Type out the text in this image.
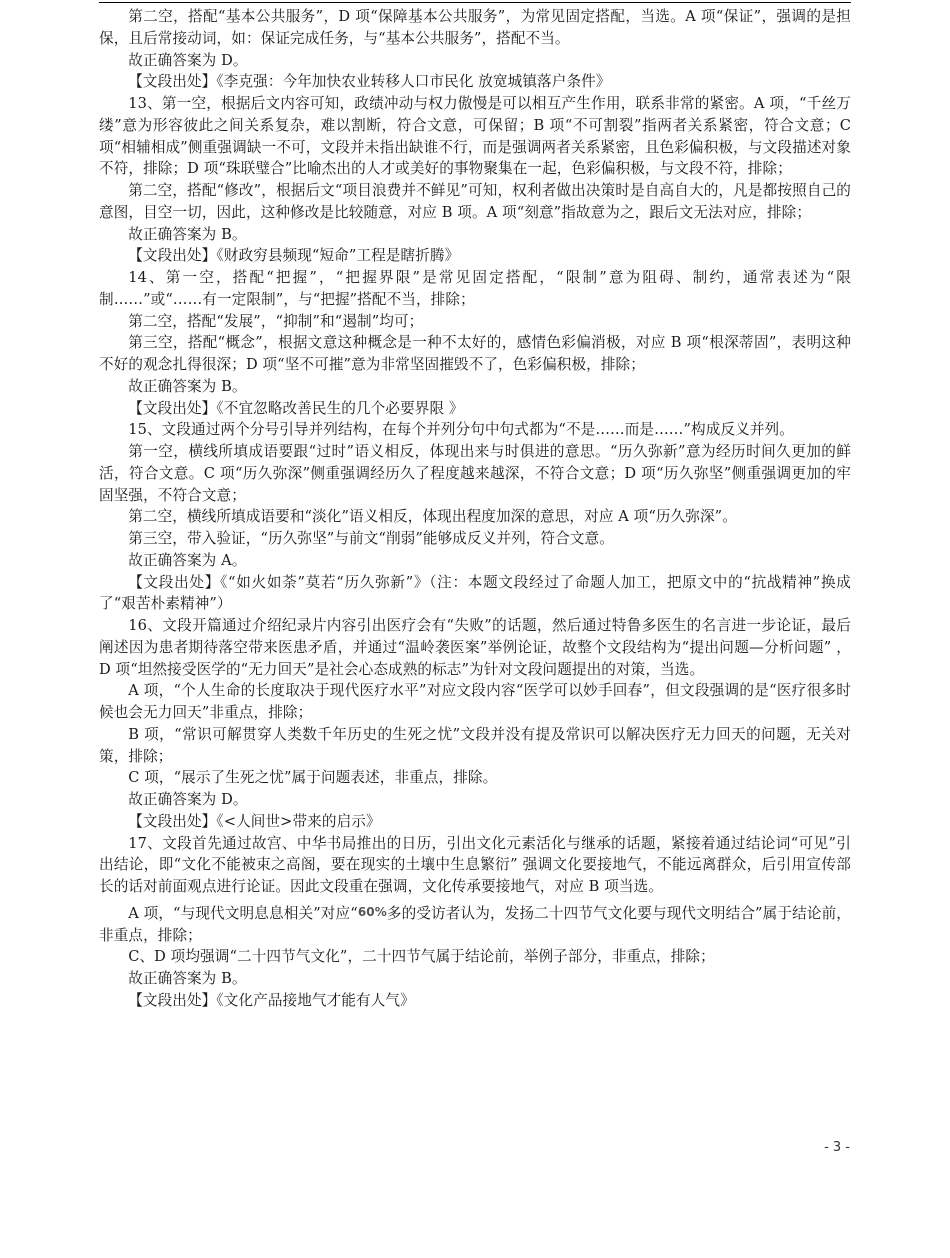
第二空，搭配“基本公共服务”，D 项“保障基本公共服务”，为常见固定搭配，当选。A 项“保证”，强调的是担保，且后常接动词，如：保证完成任务，与“基本公共服务”，搭配不当。

故正确答案为 D。

【文段出处】《李克强：今年加快农业转移人口市民化 放宽城镇落户条件》

13、第一空，根据后文内容可知，政绩冲动与权力傲慢是可以相互产生作用，联系非常的紧密。A 项，“千丝万缕”意为形容彼此之间关系复杂，难以割断，符合文意，可保留；B 项“不可割裂”指两者关系紧密，符合文意；C 项“相辅相成”侧重强调缺一不可，文段并未指出缺谁不行，而是强调两者关系紧密，且色彩偏积极，与文段描述对象不符，排除；D 项“珠联璧合”比喻杰出的人才或美好的事物聚集在一起，色彩偏积极，与文段不符，排除；

第二空，搭配“修改”，根据后文“项目浪费并不鲜见”可知，权利者做出决策时是自高自大的，凡是都按照自己的意图，目空一切，因此，这种修改是比较随意，对应 B 项。A 项“刻意”指故意为之，跟后文无法对应，排除；

故正确答案为 B。

【文段出处】《财政穷县频现“短命”工程是瞎折腾》

14、第一空，搭配“把握”，“把握界限”是常见固定搭配，“限制”意为阻碍、制约，通常表述为“限制……”或“……有一定限制”，与“把握”搭配不当，排除；

第二空，搭配“发展”，“抑制”和“遏制”均可；

第三空，搭配“概念”，根据文意这种概念是一种不太好的，感情色彩偏消极，对应 B 项“根深蒂固”，表明这种不好的观念扎得很深；D 项“坚不可摧”意为非常坚固摧毁不了，色彩偏积极，排除；

故正确答案为 B。

【文段出处】《不宜忽略改善民生的几个必要界限 》

15、文段通过两个分号引导并列结构，在每个并列分句中句式都为“不是……而是……”构成反义并列。

第一空，横线所填成语要跟“过时”语义相反，体现出来与时俱进的意思。“历久弥新”意为经历时间久更加的鲜活，符合文意。C 项“历久弥深”侧重强调经历久了程度越来越深，不符合文意；D 项“历久弥坚”侧重强调更加的牢固坚强，不符合文意；

第二空，横线所填成语要和“淡化”语义相反，体现出程度加深的意思，对应 A 项“历久弥深”。

第三空，带入验证，“历久弥坚”与前文“削弱”能够成反义并列，符合文意。

故正确答案为 A。

【文段出处】《“如火如荼”莫若“历久弥新”》（注：本题文段经过了命题人加工，把原文中的“抗战精神”换成了“艰苦朴素精神”）

16、文段开篇通过介绍纪录片内容引出医疗会有“失败”的话题，然后通过特鲁多医生的名言进一步论证，最后阐述因为患者期待落空带来医患矛盾，并通过“温岭袭医案”举例论证，故整个文段结构为“提出问题—分析问题” ，D 项“坦然接受医学的“无力回天”是社会心态成熟的标志”为针对文段问题提出的对策，当选。

A 项，“个人生命的长度取决于现代医疗水平”对应文段内容“医学可以妙手回春”，但文段强调的是“医疗很多时候也会无力回天”非重点，排除；

B 项，“常识可解贯穿人类数千年历史的生死之忧”文段并没有提及常识可以解决医疗无力回天的问题，无关对策，排除；

C 项，“展示了生死之忧”属于问题表述，非重点，排除。

故正确答案为 D。

【文段出处】《<人间世>带来的启示》

17、文段首先通过故宫、中华书局推出的日历，引出文化元素活化与继承的话题，紧接着通过结论词“可见”引出结论，即“文化不能被束之高阁，要在现实的土壤中生息繁衍” 强调文化要接地气，不能远离群众，后引用宣传部长的话对前面观点进行论证。因此文段重在强调，文化传承要接地气，对应 B 项当选。

A 项，“与现代文明息息相关”对应“60%多的受访者认为，发扬二十四节气文化要与现代文明结合”属于结论前，非重点，排除；

C、D 项均强调“二十四节气文化”，二十四节气属于结论前，举例子部分，非重点，排除；

故正确答案为 B。

【文段出处】《文化产品接地气才能有人气》

- 3 -
